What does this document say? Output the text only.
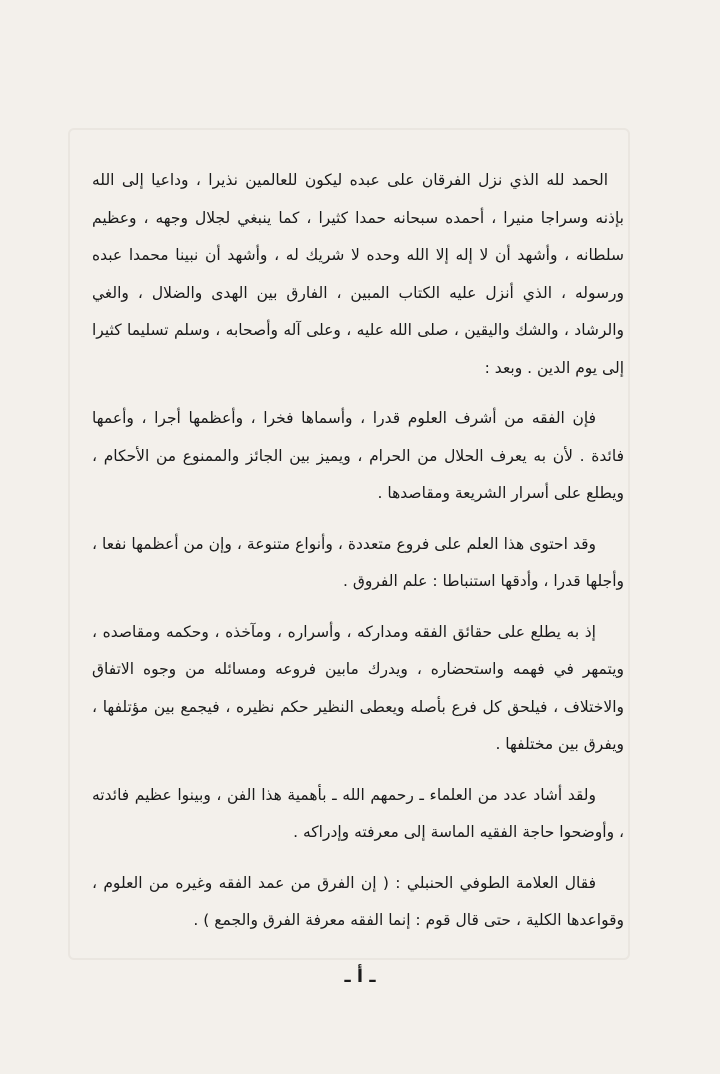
الحمد لله الذي نزل الفرقان على عبده ليكون للعالمين نذيرا ، وداعيا إلى الله بإذنه وسراجا منيرا ، أحمده سبحانه حمدا كثيرا ، كما ينبغي لجلال وجهه ، وعظيم سلطانه ، وأشهد أن لا إله إلا الله وحده لا شريك له ، وأشهد أن نبينا محمدا عبده ورسوله ، الذي أنزل عليه الكتاب المبين ، الفارق بين الهدى والضلال ، والغي والرشاد ، والشك واليقين ، صلى الله عليه ، وعلى آله وأصحابه ، وسلم تسليما كثيرا إلى يوم الدين . وبعد :

فإن الفقه من أشرف العلوم قدرا ، وأسماها فخرا ، وأعظمها أجرا ، وأعمها فائدة . لأن به يعرف الحلال من الحرام ، ويميز بين الجائز والممنوع من الأحكام ، ويطلع على أسرار الشريعة ومقاصدها .

وقد احتوى هذا العلم على فروع متعددة ، وأنواع متنوعة ، وإن من أعظمها نفعا ، وأجلها قدرا ، وأدقها استنباطا : علم الفروق .

إذ به يطلع على حقائق الفقه ومداركه ، وأسراره ، ومآخذه ، وحكمه ومقاصده ، ويتمهر في فهمه واستحضاره ، ويدرك مابين فروعه ومسائله من وجوه الاتفاق والاختلاف ، فيلحق كل فرع بأصله ويعطى النظير حكم نظيره ، فيجمع بين مؤتلفها ، ويفرق بين مختلفها .

ولقد أشاد عدد من العلماء ـ رحمهم الله ـ بأهمية هذا الفن ، وبينوا عظيم فائدته ، وأوضحوا حاجة الفقيه الماسة إلى معرفته وإدراكه .

فقال العلامة الطوفي الحنبلي : ( إن الفرق من عمد الفقه وغيره من العلوم ، وقواعدها الكلية ، حتى قال قوم : إنما الفقه معرفة الفرق والجمع ) .

ـ أ ـ
